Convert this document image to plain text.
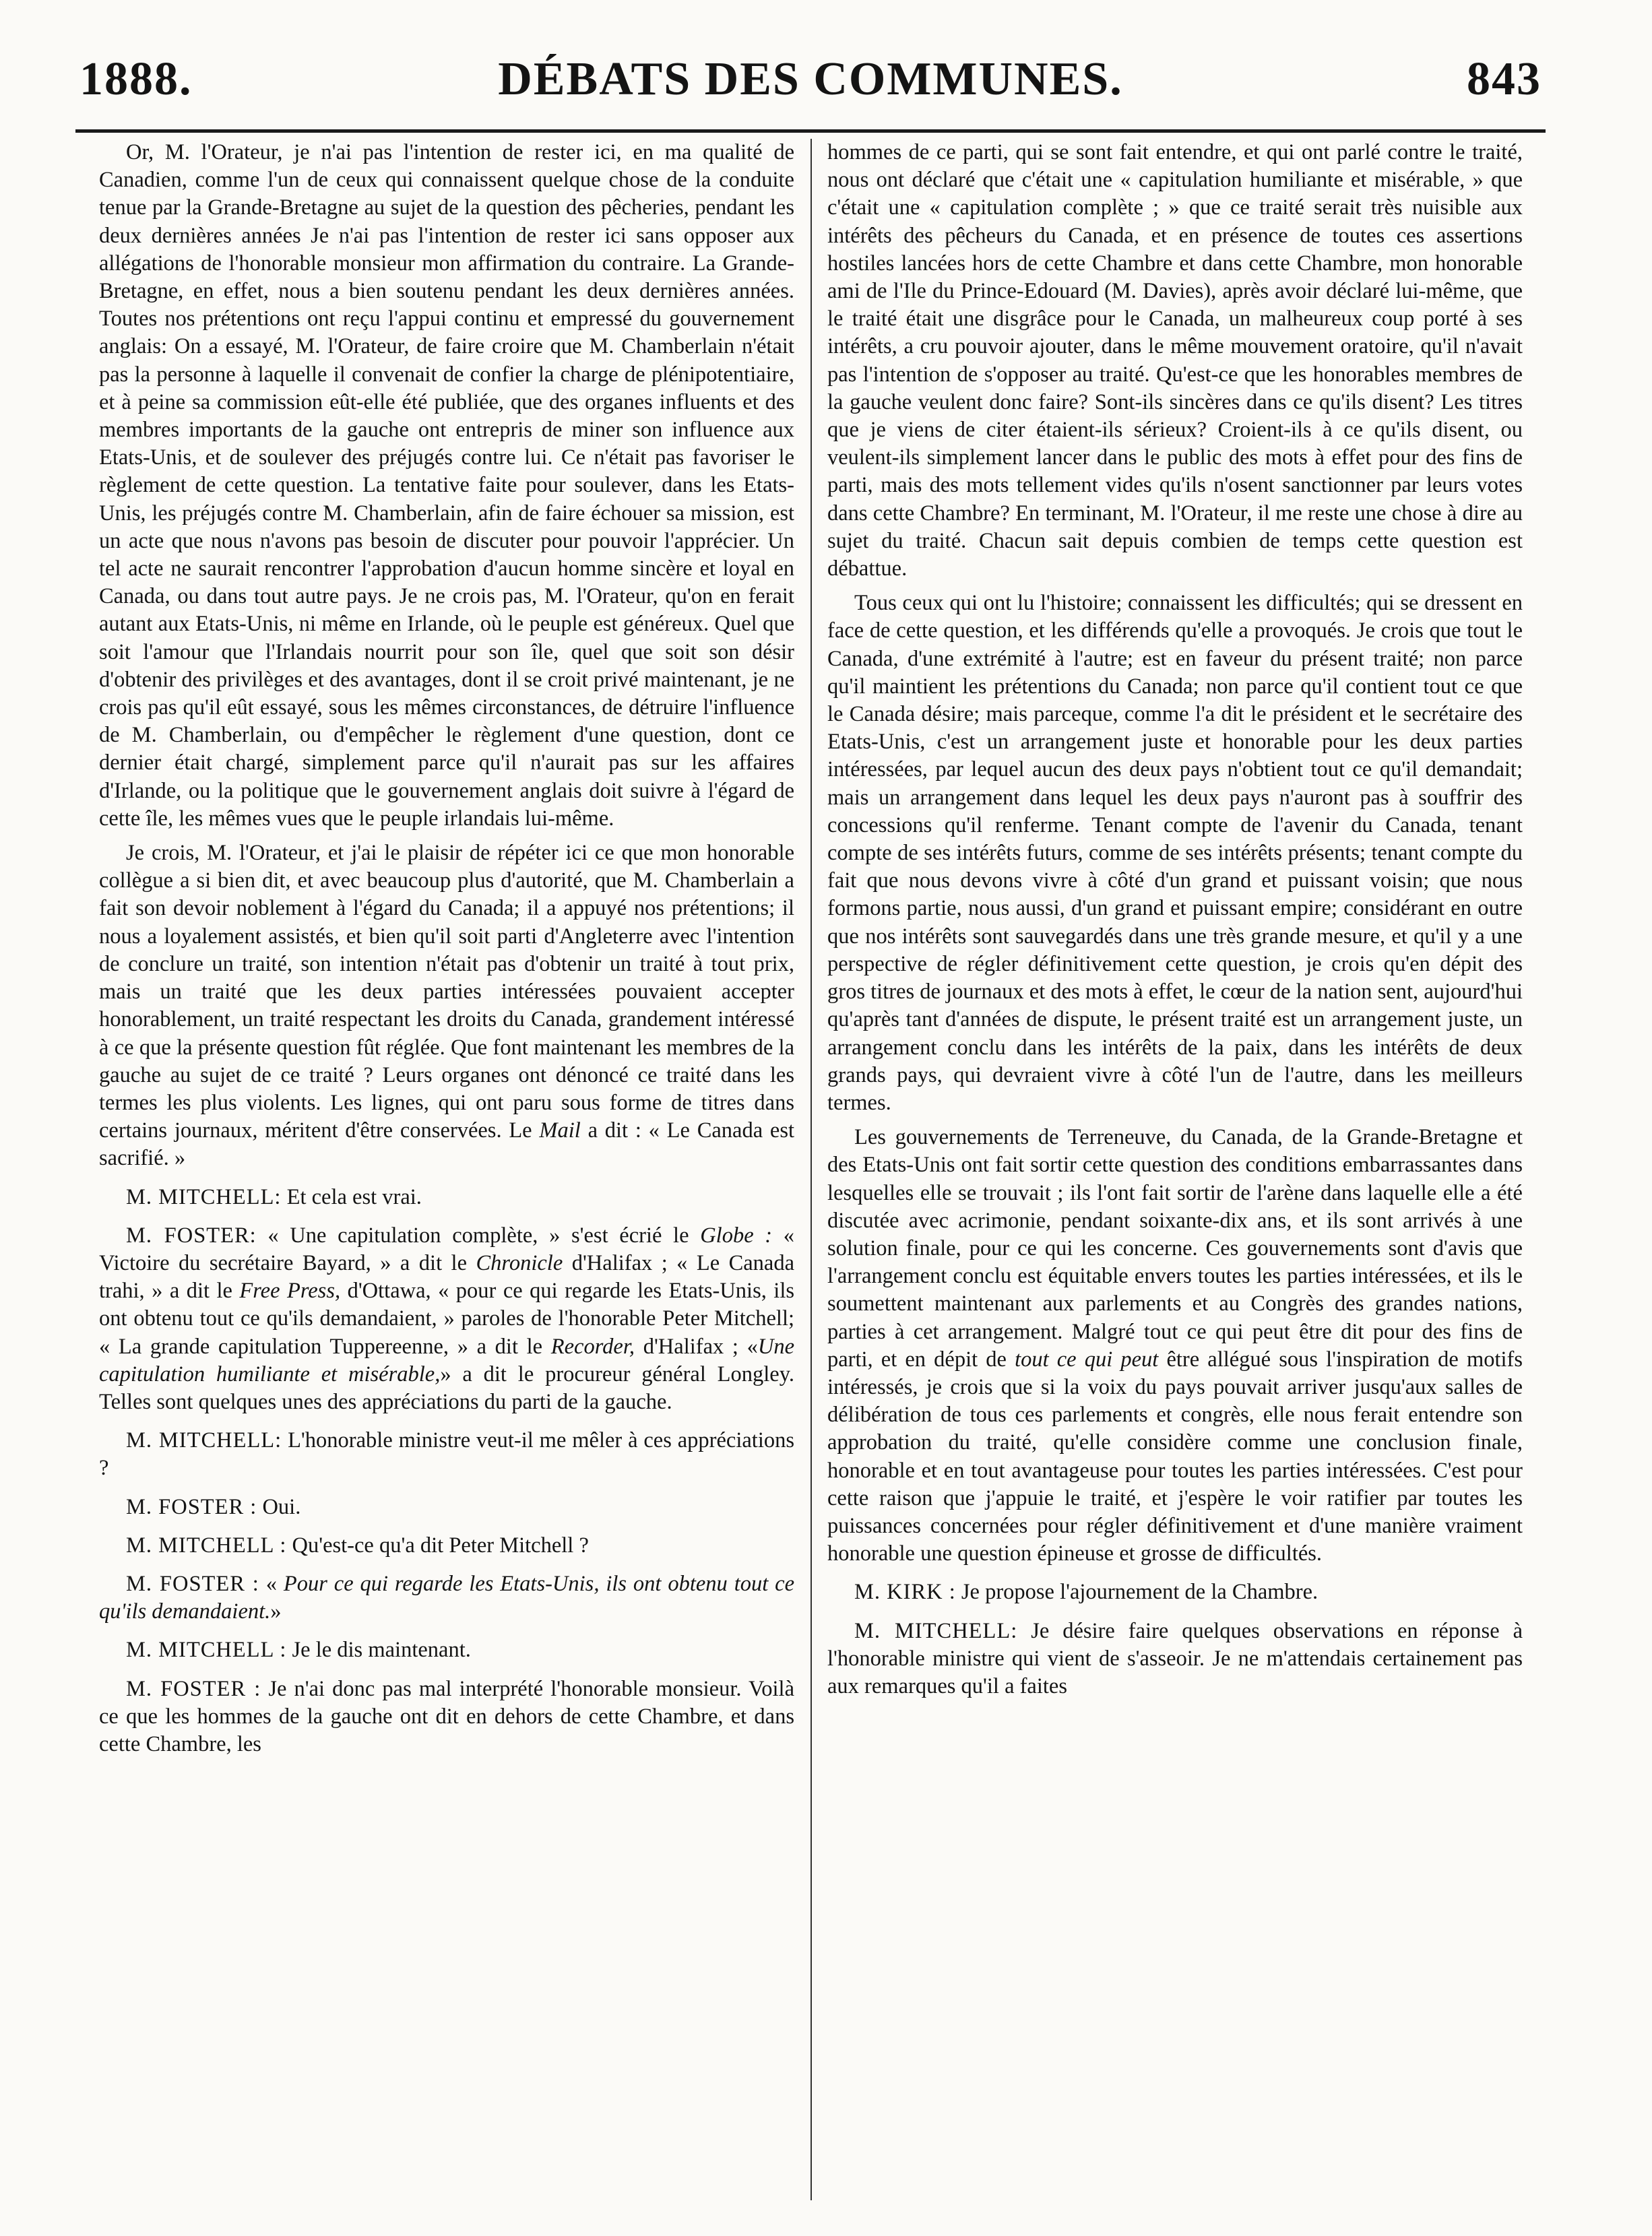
1888.	DÉBATS DES COMMUNES.	843

Or, M. l'Orateur, je n'ai pas l'intention de rester ici, en ma qualité de Canadien, comme l'un de ceux qui connaissent quelque chose de la conduite tenue par la Grande-Bretagne au sujet de la question des pêcheries, pendant les deux dernières années Je n'ai pas l'intention de rester ici sans opposer aux allégations de l'honorable monsieur mon affirmation du contraire. La Grande-Bretagne, en effet, nous a bien soutenu pendant les deux dernières années. Toutes nos prétentions ont reçu l'appui continu et empressé du gouvernement anglais: On a essayé, M. l'Orateur, de faire croire que M. Chamberlain n'était pas la personne à laquelle il convenait de confier la charge de plénipotentiaire, et à peine sa commission eût-elle été publiée, que des organes influents et des membres importants de la gauche ont entrepris de miner son influence aux Etats-Unis, et de soulever des préjugés contre lui. Ce n'était pas favoriser le règlement de cette question. La tentative faite pour soulever, dans les Etats-Unis, les préjugés contre M. Chamberlain, afin de faire échouer sa mission, est un acte que nous n'avons pas besoin de discuter pour pouvoir l'apprécier. Un tel acte ne saurait rencontrer l'approbation d'aucun homme sincère et loyal en Canada, ou dans tout autre pays. Je ne crois pas, M. l'Orateur, qu'on en ferait autant aux Etats-Unis, ni même en Irlande, où le peuple est généreux. Quel que soit l'amour que l'Irlandais nourrit pour son île, quel que soit son désir d'obtenir des privilèges et des avantages, dont il se croit privé maintenant, je ne crois pas qu'il eût essayé, sous les mêmes circonstances, de détruire l'influence de M. Chamberlain, ou d'empêcher le règlement d'une question, dont ce dernier était chargé, simplement parce qu'il n'aurait pas sur les affaires d'Irlande, ou la politique que le gouvernement anglais doit suivre à l'égard de cette île, les mêmes vues que le peuple irlandais lui-même.

Je crois, M. l'Orateur, et j'ai le plaisir de répéter ici ce que mon honorable collègue a si bien dit, et avec beaucoup plus d'autorité, que M. Chamberlain a fait son devoir noblement à l'égard du Canada; il a appuyé nos prétentions; il nous a loyalement assistés, et bien qu'il soit parti d'Angleterre avec l'intention de conclure un traité, son intention n'était pas d'obtenir un traité à tout prix, mais un traité que les deux parties intéressées pouvaient accepter honorablement, un traité respectant les droits du Canada, grandement intéressé à ce que la présente question fût réglée. Que font maintenant les membres de la gauche au sujet de ce traité ? Leurs organes ont dénoncé ce traité dans les termes les plus violents. Les lignes, qui ont paru sous forme de titres dans certains journaux, méritent d'être conservées. Le Mail a dit : « Le Canada est sacrifié. »

M. MITCHELL: Et cela est vrai.

M. FOSTER: « Une capitulation complète, » s'est écrié le Globe : « Victoire du secrétaire Bayard, » a dit le Chronicle d'Halifax ; « Le Canada trahi, » a dit le Free Press, d'Ottawa, « pour ce qui regarde les Etats-Unis, ils ont obtenu tout ce qu'ils demandaient, » paroles de l'honorable Peter Mitchell; « La grande capitulation Tuppereenne, » a dit le Recorder, d'Halifax ; «Une capitulation humiliante et misérable,» a dit le procureur général Longley. Telles sont quelques unes des appréciations du parti de la gauche.

M. MITCHELL: L'honorable ministre veut-il me mêler à ces appréciations ?

M. FOSTER : Oui.

M. MITCHELL : Qu'est-ce qu'a dit Peter Mitchell ?

M. FOSTER : « Pour ce qui regarde les Etats-Unis, ils ont obtenu tout ce qu'ils demandaient.»

M. MITCHELL : Je le dis maintenant.

M. FOSTER : Je n'ai donc pas mal interprété l'honorable monsieur. Voilà ce que les hommes de la gauche ont dit en dehors de cette Chambre, et dans cette Chambre, les

hommes de ce parti, qui se sont fait entendre, et qui ont parlé contre le traité, nous ont déclaré que c'était une « capitulation humiliante et misérable, » que c'était une « capitulation complète ; » que ce traité serait très nuisible aux intérêts des pêcheurs du Canada, et en présence de toutes ces assertions hostiles lancées hors de cette Chambre et dans cette Chambre, mon honorable ami de l'Ile du Prince-Edouard (M. Davies), après avoir déclaré lui-même, que le traité était une disgrâce pour le Canada, un malheureux coup porté à ses intérêts, a cru pouvoir ajouter, dans le même mouvement oratoire, qu'il n'avait pas l'intention de s'opposer au traité. Qu'est-ce que les honorables membres de la gauche veulent donc faire? Sont-ils sincères dans ce qu'ils disent? Les titres que je viens de citer étaient-ils sérieux? Croient-ils à ce qu'ils disent, ou veulent-ils simplement lancer dans le public des mots à effet pour des fins de parti, mais des mots tellement vides qu'ils n'osent sanctionner par leurs votes dans cette Chambre? En terminant, M. l'Orateur, il me reste une chose à dire au sujet du traité. Chacun sait depuis combien de temps cette question est débattue.

Tous ceux qui ont lu l'histoire; connaissent les difficultés; qui se dressent en face de cette question, et les différends qu'elle a provoqués. Je crois que tout le Canada, d'une extrémité à l'autre; est en faveur du présent traité; non parce qu'il maintient les prétentions du Canada; non parce qu'il contient tout ce que le Canada désire; mais parceque, comme l'a dit le président et le secrétaire des Etats-Unis, c'est un arrangement juste et honorable pour les deux parties intéressées, par lequel aucun des deux pays n'obtient tout ce qu'il demandait; mais un arrangement dans lequel les deux pays n'auront pas à souffrir des concessions qu'il renferme. Tenant compte de l'avenir du Canada, tenant compte de ses intérêts futurs, comme de ses intérêts présents; tenant compte du fait que nous devons vivre à côté d'un grand et puissant voisin; que nous formons partie, nous aussi, d'un grand et puissant empire; considérant en outre que nos intérêts sont sauvegardés dans une très grande mesure, et qu'il y a une perspective de régler définitivement cette question, je crois qu'en dépit des gros titres de journaux et des mots à effet, le cœur de la nation sent, aujourd'hui qu'après tant d'années de dispute, le présent traité est un arrangement juste, un arrangement conclu dans les intérêts de la paix, dans les intérêts de deux grands pays, qui devraient vivre à côté l'un de l'autre, dans les meilleurs termes.

Les gouvernements de Terreneuve, du Canada, de la Grande-Bretagne et des Etats-Unis ont fait sortir cette question des conditions embarrassantes dans lesquelles elle se trouvait ; ils l'ont fait sortir de l'arène dans laquelle elle a été discutée avec acrimonie, pendant soixante-dix ans, et ils sont arrivés à une solution finale, pour ce qui les concerne. Ces gouvernements sont d'avis que l'arrangement conclu est équitable envers toutes les parties intéressées, et ils le soumettent maintenant aux parlements et au Congrès des grandes nations, parties à cet arrangement. Malgré tout ce qui peut être dit pour des fins de parti, et en dépit de tout ce qui peut être allégué sous l'inspiration de motifs intéressés, je crois que si la voix du pays pouvait arriver jusqu'aux salles de délibération de tous ces parlements et congrès, elle nous ferait entendre son approbation du traité, qu'elle considère comme une conclusion finale, honorable et en tout avantageuse pour toutes les parties intéressées. C'est pour cette raison que j'appuie le traité, et j'espère le voir ratifier par toutes les puissances concernées pour régler définitivement et d'une manière vraiment honorable une question épineuse et grosse de difficultés.

M. KIRK : Je propose l'ajournement de la Chambre.

M. MITCHELL: Je désire faire quelques observations en réponse à l'honorable ministre qui vient de s'asseoir. Je ne m'attendais certainement pas aux remarques qu'il a faites
